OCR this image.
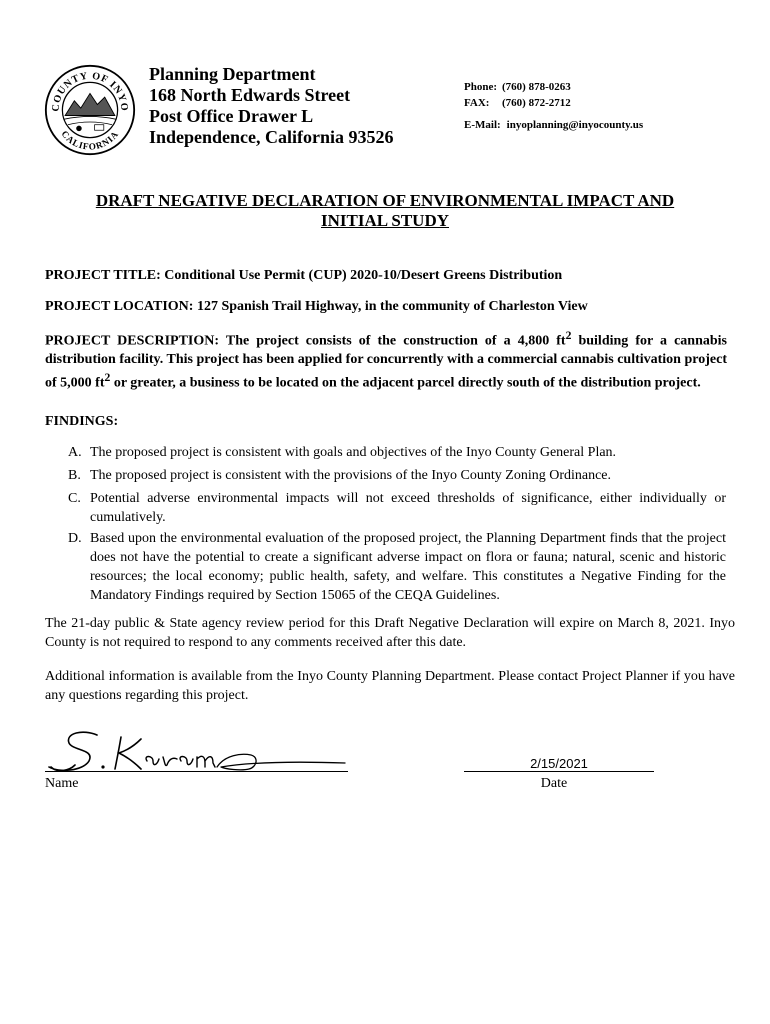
COUNTY OF INYO
CALIFORNIA
Planning Department
168 North Edwards Street
Post Office Drawer L
Independence, California 93526
Phone: (760) 878-0263
FAX: (760) 872-2712
E-Mail: inyoplanning@inyocounty.us
DRAFT NEGATIVE DECLARATION OF ENVIRONMENTAL IMPACT AND
INITIAL STUDY
PROJECT TITLE: Conditional Use Permit (CUP) 2020-10/Desert Greens Distribution
PROJECT LOCATION: 127 Spanish Trail Highway, in the community of Charleston View
PROJECT DESCRIPTION: The project consists of the construction of a 4,800 $ft^2$ building for a cannabis distribution facility. This project has been applied for concurrently with a commercial cannabis cultivation project of 5,000 $ft^2$ or greater, a business to be located on the adjacent parcel directly south of the distribution project.
FINDINGS:
A. The proposed project is consistent with goals and objectives of the Inyo County General Plan.
B. The proposed project is consistent with the provisions of the Inyo County Zoning Ordinance.
C. Potential adverse environmental impacts will not exceed thresholds of significance, either individually or cumulatively.
D. Based upon the environmental evaluation of the proposed project, the Planning Department finds that the project does not have the potential to create a significant adverse impact on flora or fauna; natural, scenic and historic resources; the local economy; public health, safety, and welfare. This constitutes a Negative Finding for the Mandatory Findings required by Section 15065 of the CEQA Guidelines.
The 21-day public & State agency review period for this Draft Negative Declaration will expire on March 8, 2021. Inyo County is not required to respond to any comments received after this date.
Additional information is available from the Inyo County Planning Department. Please contact Project Planner if you have any questions regarding this project.
Name
2/15/2021
Date
